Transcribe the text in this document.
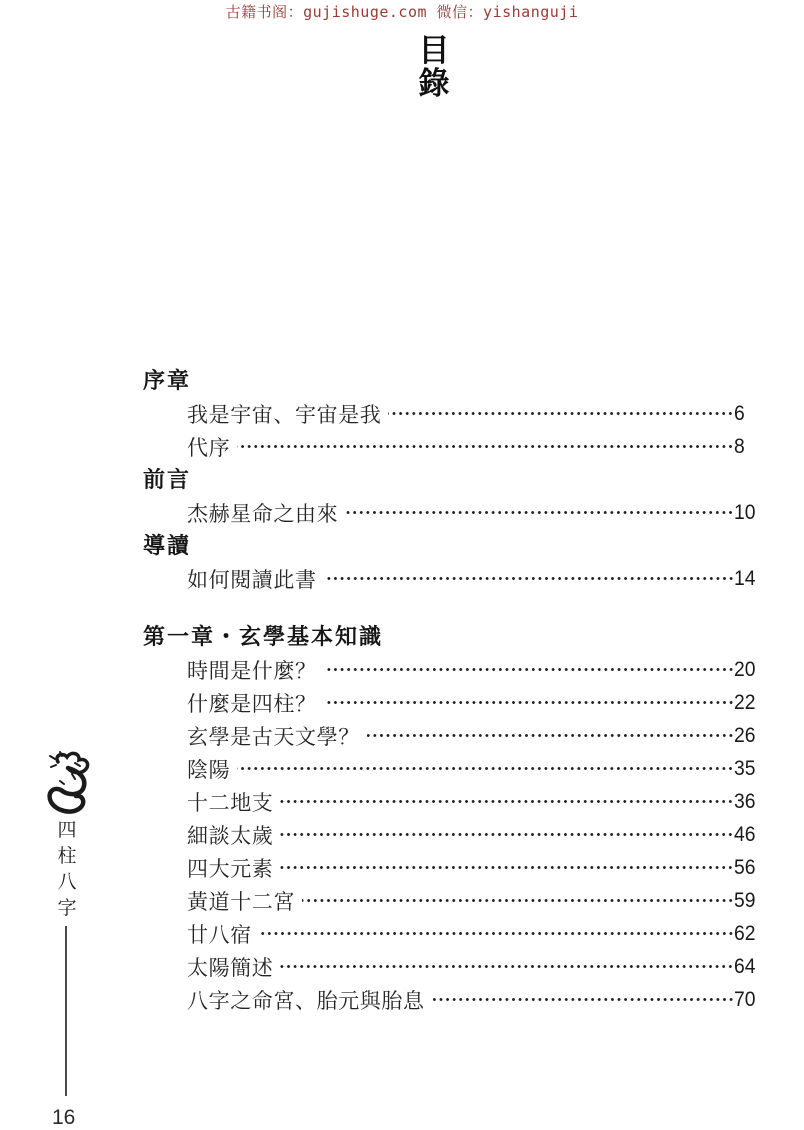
古籍书阁：gujishuge.com 微信：yishanguji
目錄
序章
我是宇宙、宇宙是我	6
代序	8
前言
杰赫星命之由來	10
導讀
如何閱讀此書	14
第一章・玄學基本知識
時間是什麼？	20
什麼是四柱？	22
玄學是古天文學？	26
陰陽	35
十二地支	36
細談太歲	46
四大元素	56
黃道十二宮	59
廿八宿	62
太陽簡述	64
八字之命宮、胎元與胎息	70
四柱八字
16
